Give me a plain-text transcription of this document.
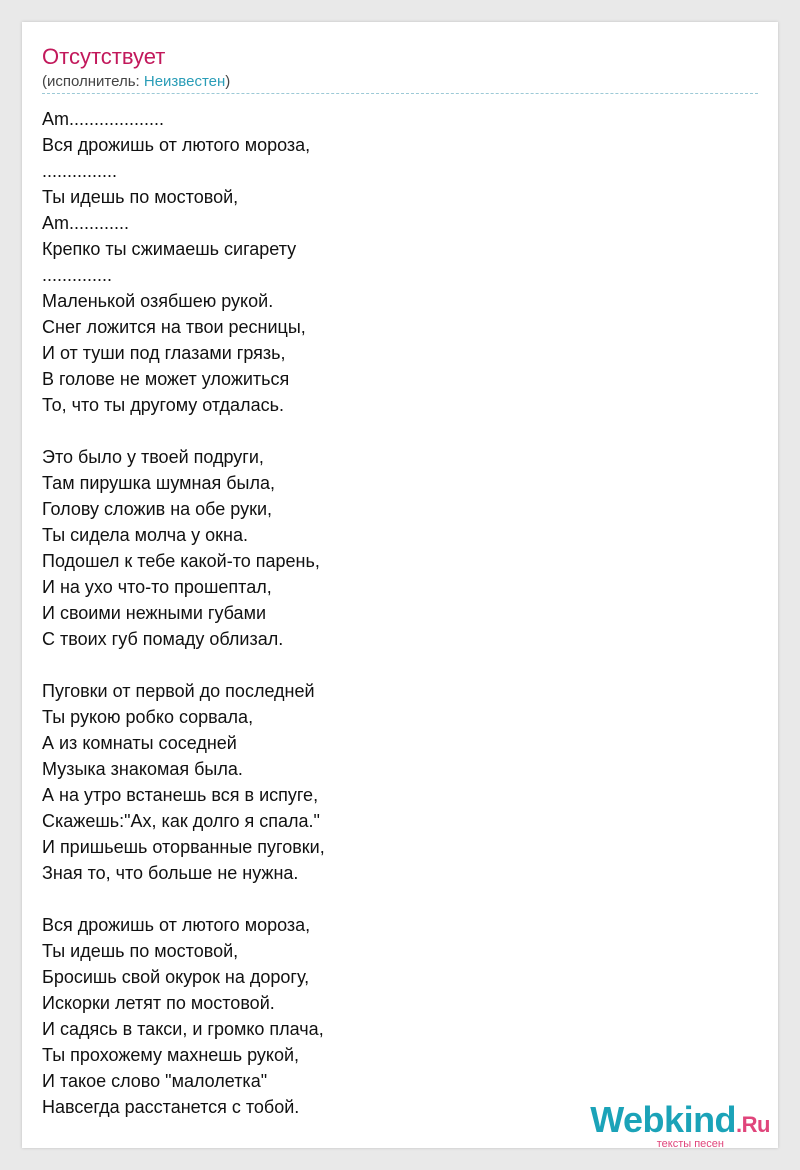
Отсутствует
(исполнитель: Неизвестен)
Am...................
Вся дрожишь от лютого мороза,
...............
Ты идешь по мостовой,
Am............
Крепко ты сжимаешь сигарету
..............
Маленькой озябшею рукой.
Снег ложится на твои ресницы,
И от туши под глазами грязь,
В голове не может уложиться
То, что ты другому отдалась.
Это было у твоей подруги,
Там пирушка шумная была,
Голову сложив на обе руки,
Ты сидела молча у окна.
Подошел к тебе какой-то парень,
И на ухо что-то прошептал,
И своими нежными губами
С твоих губ помаду облизал.
Пуговки от первой до последней
Ты рукою робко сорвала,
А из комнаты соседней
Музыка знакомая была.
А на утро встанешь вся в испуге,
Скажешь:"Ах, как долго я спала."
И пришьешь оторванные пуговки,
Зная то, что больше не нужна.
Вся дрожишь от лютого мороза,
Ты идешь по мостовой,
Бросишь свой окурок на дорогу,
Искорки летят по мостовой.
И садясь в такси, и громко плача,
Ты прохожему махнешь рукой,
И такое слово "малолетка"
Навсегда расстанется с тобой.	Webkind.Ru
тексты песен
